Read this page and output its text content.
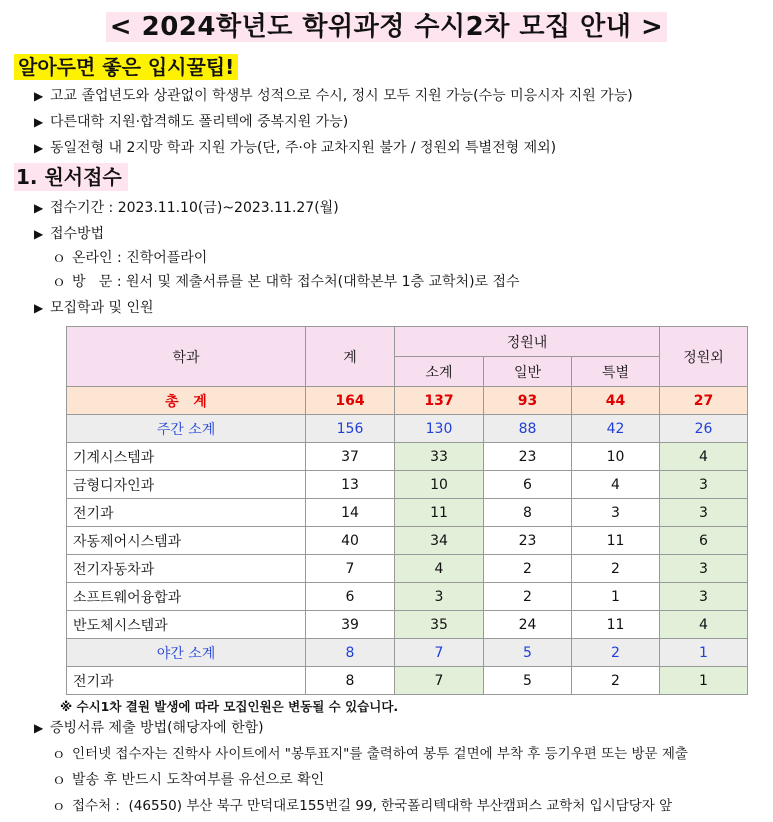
< 2024학년도 학위과정 수시2차 모집 안내 >
알아두면 좋은 입시꿀팁!
▶ 고교 졸업년도와 상관없이 학생부 성적으로 수시, 정시 모두 지원 가능(수능 미응시자 지원 가능)
▶ 다른대학 지원·합격해도 폴리텍에 중복지원 가능)
▶ 동일전형 내 2지망 학과 지원 가능(단, 주·야 교차지원 불가 / 정원외 특별전형 제외)
1. 원서접수
▶ 접수기간 : 2023.11.10(금)~2023.11.27(월)
▶ 접수방법
ｏ 온라인 : 진학어플라이
ｏ 방   문 : 원서 및 제출서류를 본 대학 접수처(대학본부 1층 교학처)로 접수
▶ 모집학과 및 인원
학과	계	정원내			정원외
		소계	일반	특별	
총   계	164	137	93	44	27
주간 소계	156	130	88	42	26
기계시스템과	37	33	23	10	4
금형디자인과	13	10	6	4	3
전기과	14	11	8	3	3
자동제어시스템과	40	34	23	11	6
전기자동차과	7	4	2	2	3
소프트웨어융합과	6	3	2	1	3
반도체시스템과	39	35	24	11	4
야간 소계	8	7	5	2	1
전기과	8	7	5	2	1
※ 수시1차 결원 발생에 따라 모집인원은 변동될 수 있습니다.
▶ 증빙서류 제출 방법(해당자에 한함)
ｏ 인터넷 접수자는 진학사 사이트에서 "봉투표지"를 출력하여 봉투 겉면에 부착 후 등기우편 또는 방문 제출
ｏ 발송 후 반드시 도착여부를 유선으로 확인
ｏ 접수처 :  (46550) 부산 북구 만덕대로155번길 99, 한국폴리텍대학 부산캠퍼스 교학처 입시담당자 앞
